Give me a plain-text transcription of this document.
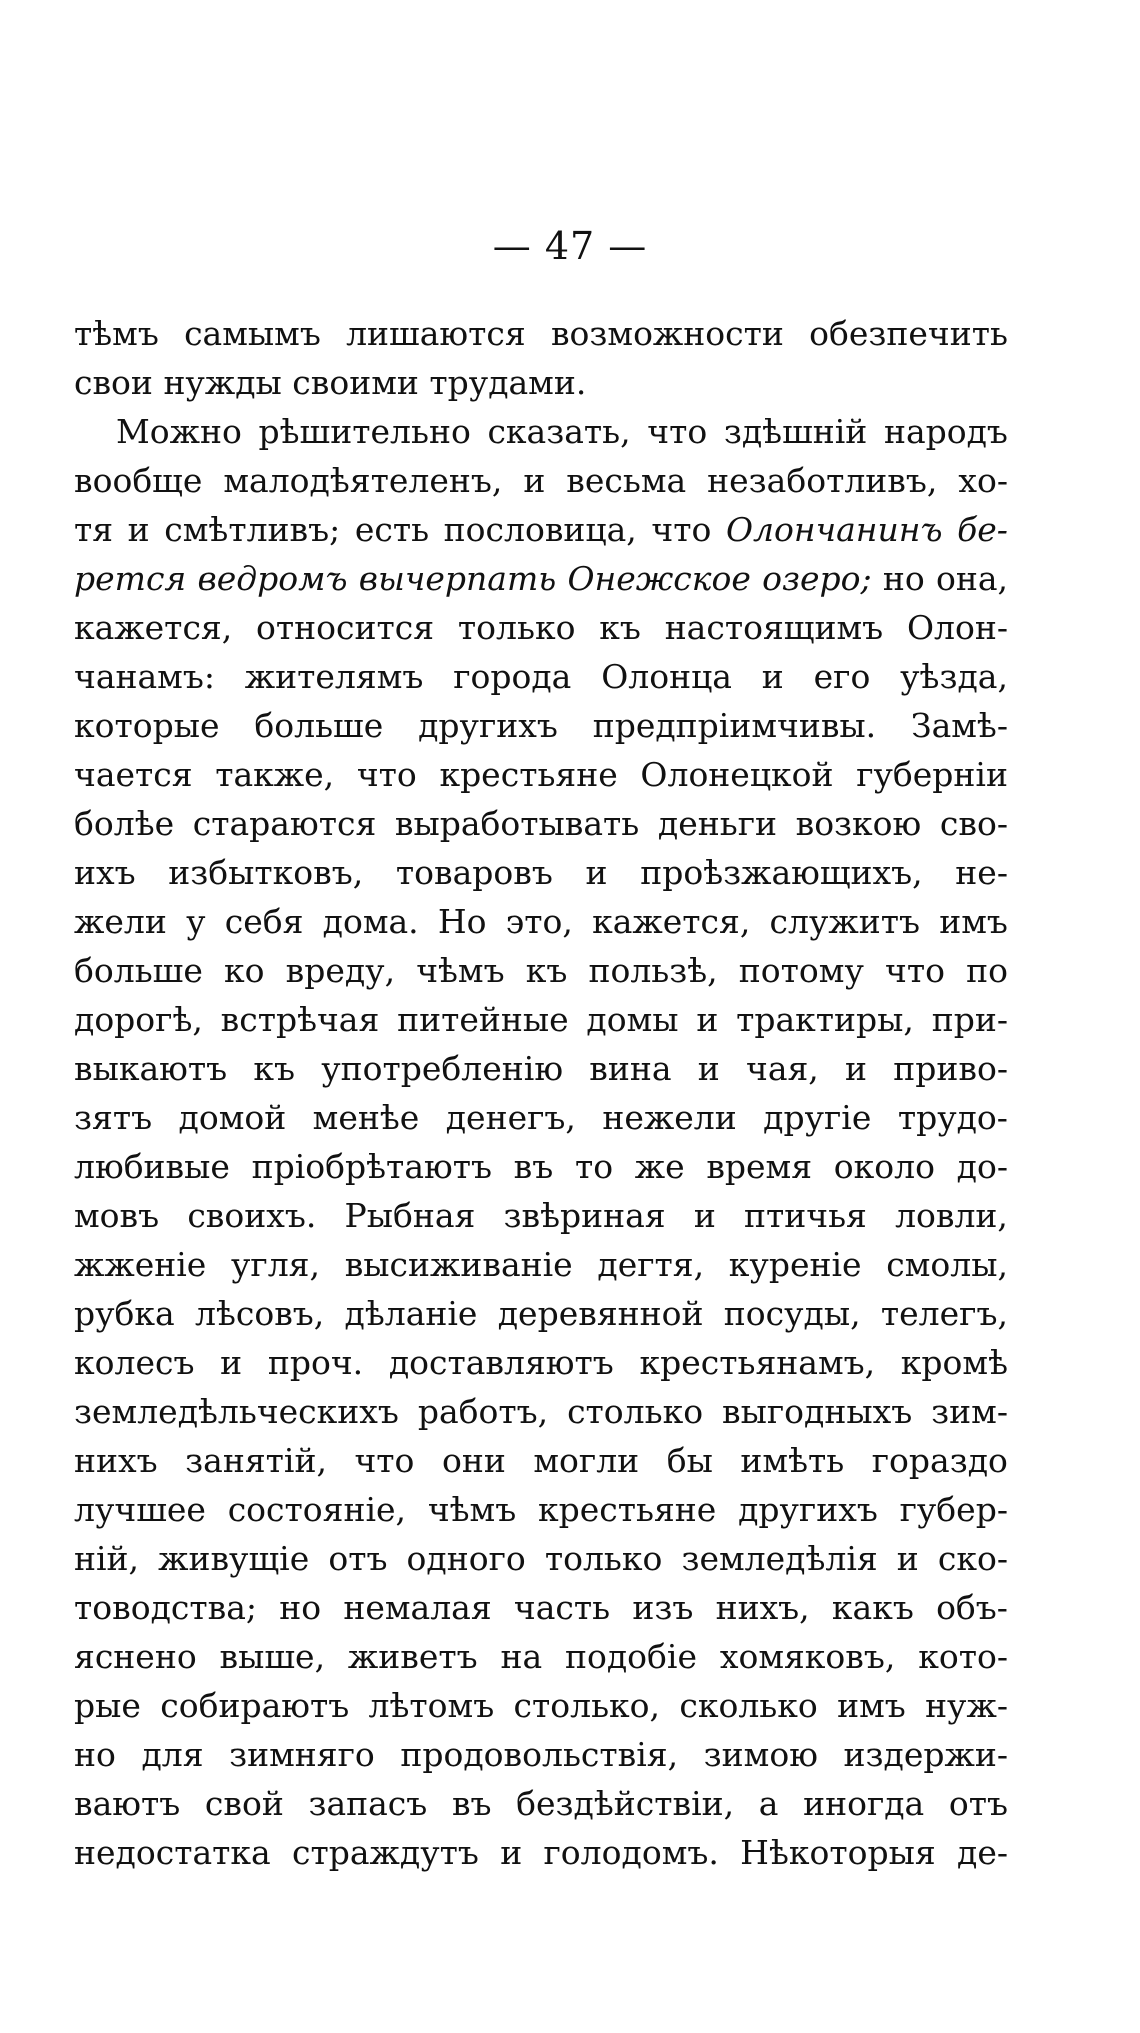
— 47 —
тѣмъ самымъ лишаются возможности обезпечить
свои
нужды
своими
трудами.

Можно рѣшительно сказать, что здѣшній народъ
вообще малодѣятеленъ, и весьма незаботливъ, хо-
тя и смѣтливъ; есть пословица, что Олончанинъ бе-
рется ведромъ вычерпать Онежское озеро; но она,
кажется, относится только къ настоящимъ Олон-
чанамъ: жителямъ города Олонца и его уѣзда,
которые больше другихъ предпріимчивы. Замѣ-
чается также, что крестьяне Олонецкой губерніи
болѣе стараются выработывать деньги возкою сво-
ихъ избытковъ, товаровъ и проѣзжающихъ, не-
жели у себя дома. Но это, кажется, служитъ имъ
больше ко вреду, чѣмъ къ пользѣ, потому что по
дорогѣ, встрѣчая питейные домы и трактиры, при-
выкаютъ къ употребленію вина и чая, и приво-
зятъ домой менѣе денегъ, нежели другіе трудо-
любивые пріобрѣтаютъ въ то же время около до-
мовъ своихъ. Рыбная звѣриная и птичья ловли,
жженіе угля, высиживаніе дегтя, куреніе смолы,
рубка лѣсовъ, дѣланіе деревянной посуды, телегъ,
колесъ и проч. доставляютъ крестьянамъ, кромѣ
земледѣльческихъ работъ, столько выгодныхъ зим-
нихъ занятій, что они могли бы имѣть гораздо
лучшее состояніе, чѣмъ крестьяне другихъ губер-
ній, живущіе отъ одного только земледѣлія и ско-
товодства; но немалая часть изъ нихъ, какъ объ-
яснено выше, живетъ на подобіе хомяковъ, кото-
рые собираютъ лѣтомъ столько, сколько имъ нуж-
но для зимняго продовольствія, зимою издержи-
ваютъ свой запасъ въ бездѣйствіи, а иногда отъ
недостатка страждутъ и голодомъ. Нѣкоторыя де-
